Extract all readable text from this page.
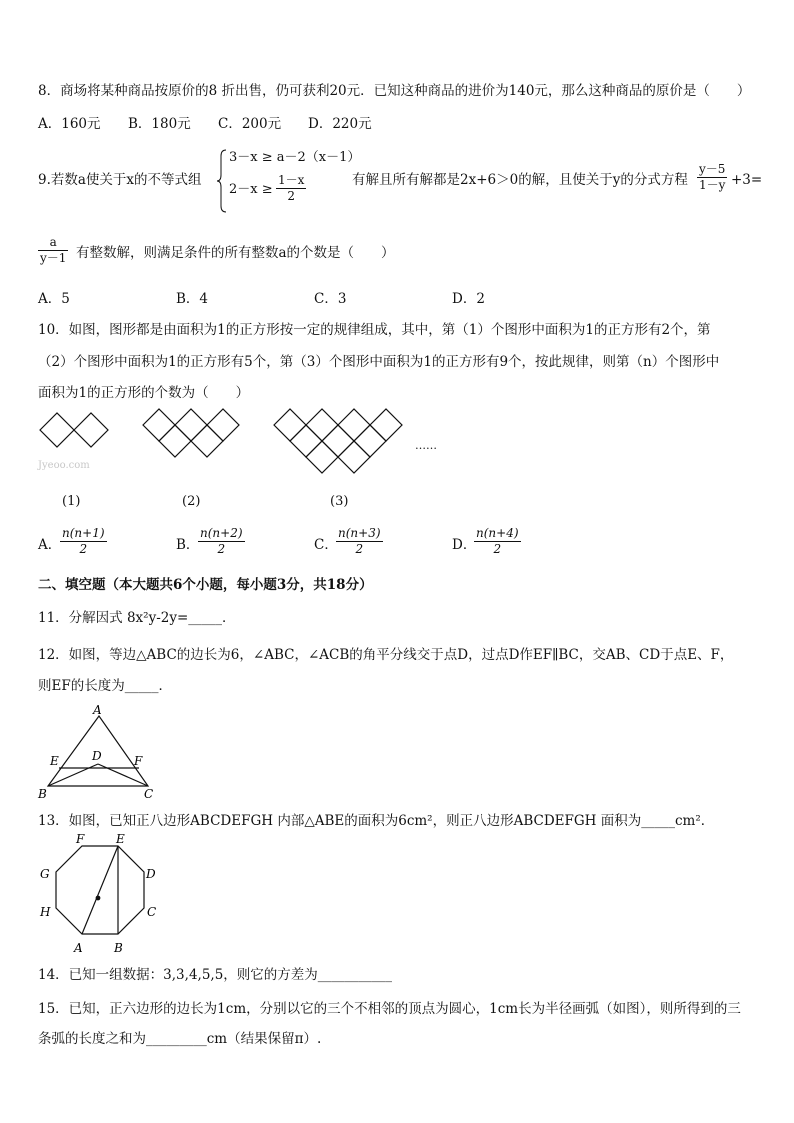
8．商场将某种商品按原价的8 折出售，仍可获利20元．已知这种商品的进价为140元，那么这种商品的原价是（　　）
A．160元 B．180元 C．200元 D．220元
9.若数a使关于x的不等式组
3－x ≥ a－2（x－1）
$2-x \ge \frac{1-x}{2}$	有解且所有解都是2x+6＞0的解，且使关于y的分式方程 $\frac{y-5}{1-y} +3=$
$\frac{a}{y-1}$ 有整数解，则满足条件的所有整数a的个数是（　　）
A．5	B．4	C．3	D．2
10．如图，图形都是由面积为1的正方形按一定的规律组成，其中，第（1）个图形中面积为1的正方形有2个，第
（2）个图形中面积为1的正方形有5个，第（3）个图形中面积为1的正方形有9个，按此规律，则第（n）个图形中
面积为1的正方形的个数为（　　）
……
Jyeoo.com
(1)	(2)	(3)
A．
$\frac{n(n+1)}{2}$	B．
$\frac{n(n+2)}{2}$	C．
$\frac{n(n+3)}{2}$	D．
$\frac{n(n+4)}{2}$
二、填空题（本大题共6个小题，每小题3分，共18分）
11．分解因式 8x²y-2y=_____．
12．如图，等边△ABC的边长为6，∠ABC，∠ACB的角平分线交于点D，过点D作EF∥BC，交AB、CD于点E、F，
则EF的长度为_____．
A
E	D	F
B	C
13．如图，已知正八边形ABCDEFGH 内部△ABE的面积为6cm²，则正八边形ABCDEFGH 面积为_____cm²．
F	E
G	D
H	C
A	B
14．已知一组数据：3,3,4,5,5，则它的方差为___________
15．已知，正六边形的边长为1cm，分别以它的三个不相邻的顶点为圆心，1cm长为半径画弧（如图），则所得到的三
条弧的长度之和为_________cm（结果保留π）.
